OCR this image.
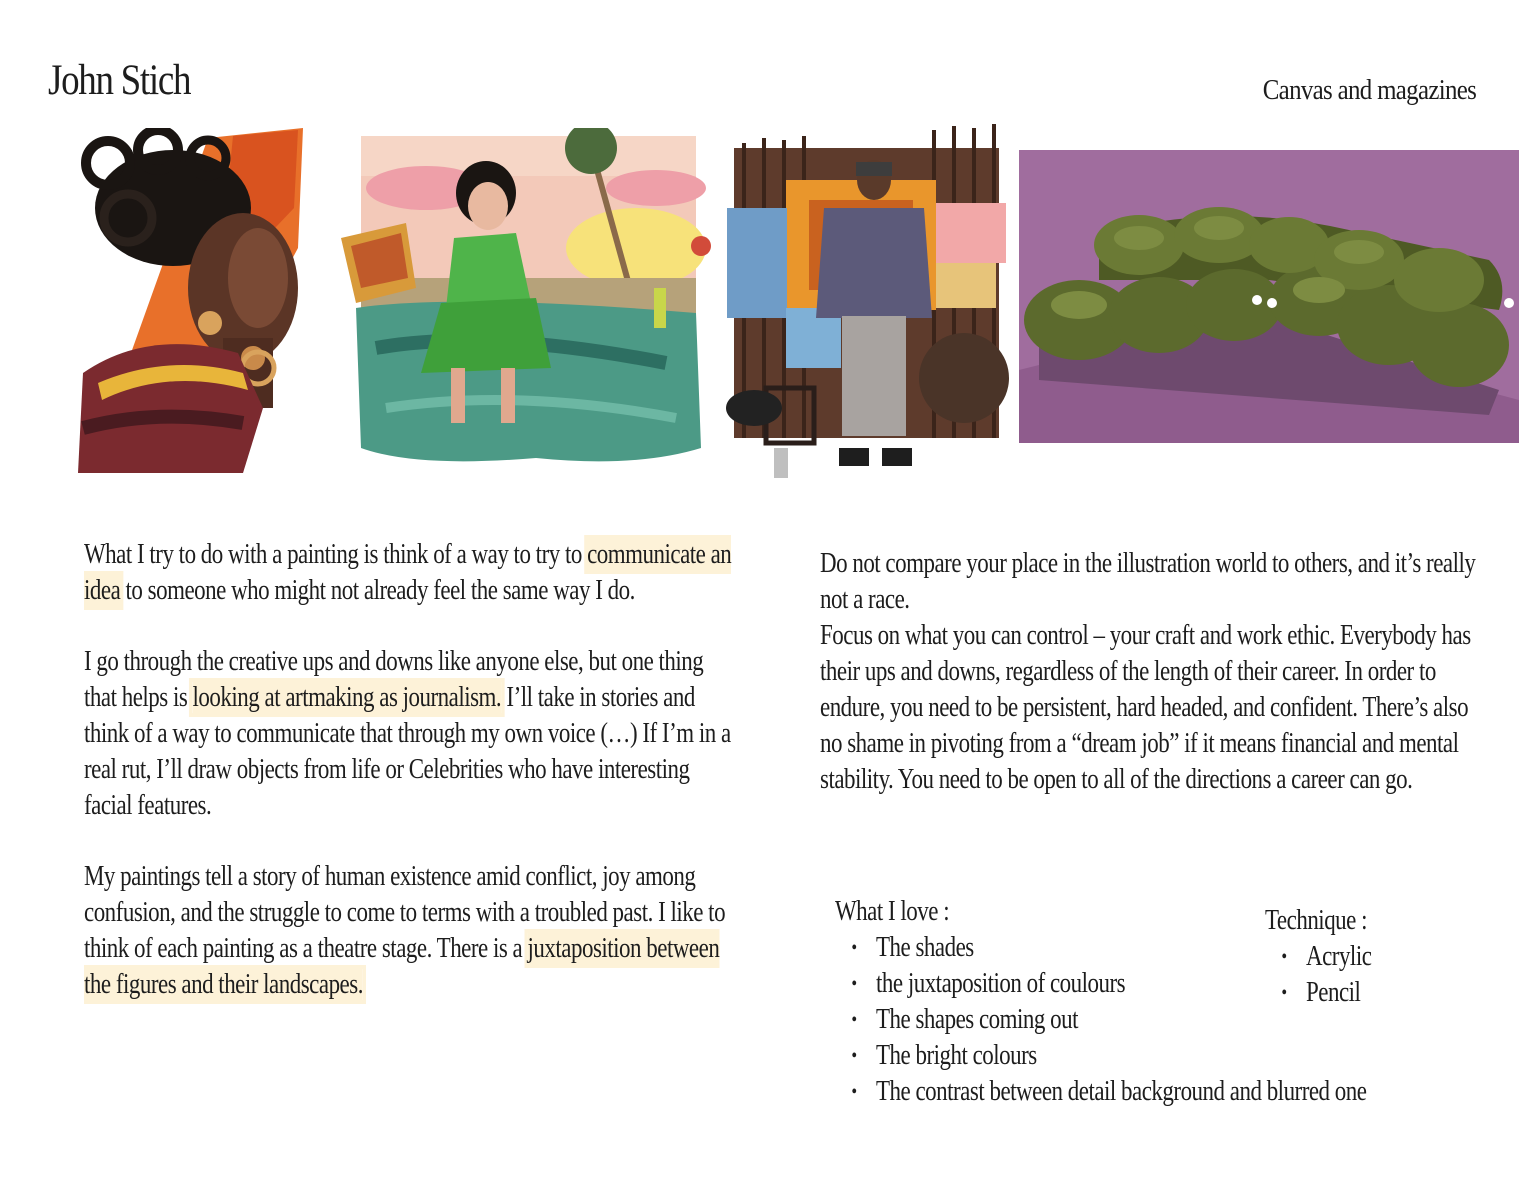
John Stich	Canvas and magazines

What I try to do with a painting is think of a way to try to communicate an idea to someone who might not already feel the same way I do.

I go through the creative ups and downs like anyone else, but one thing that helps is looking at artmaking as journalism. I’ll take in stories and think of a way to communicate that through my own voice (…) If I’m in a real rut, I’ll draw objects from life or Celebrities who have interesting facial features.

My paintings tell a story of human existence amid conflict, joy among confusion, and the struggle to come to terms with a troubled past. I like to think of each painting as a theatre stage. There is a juxtaposition between the figures and their landscapes.

Do not compare your place in the illustration world to others, and it’s really not a race.

Focus on what you can control – your craft and work ethic. Everybody has their ups and downs, regardless of the length of their career. In order to endure, you need to be persistent, hard headed, and confident. There’s also no shame in pivoting from a “dream job” if it means financial and mental stability. You need to be open to all of the directions a career can go.

What I love :
• The shades
• the juxtaposition of coulours
• The shapes coming out
• The bright colours
• The contrast between detail background and blurred one
Technique :
• Acrylic
• Pencil
